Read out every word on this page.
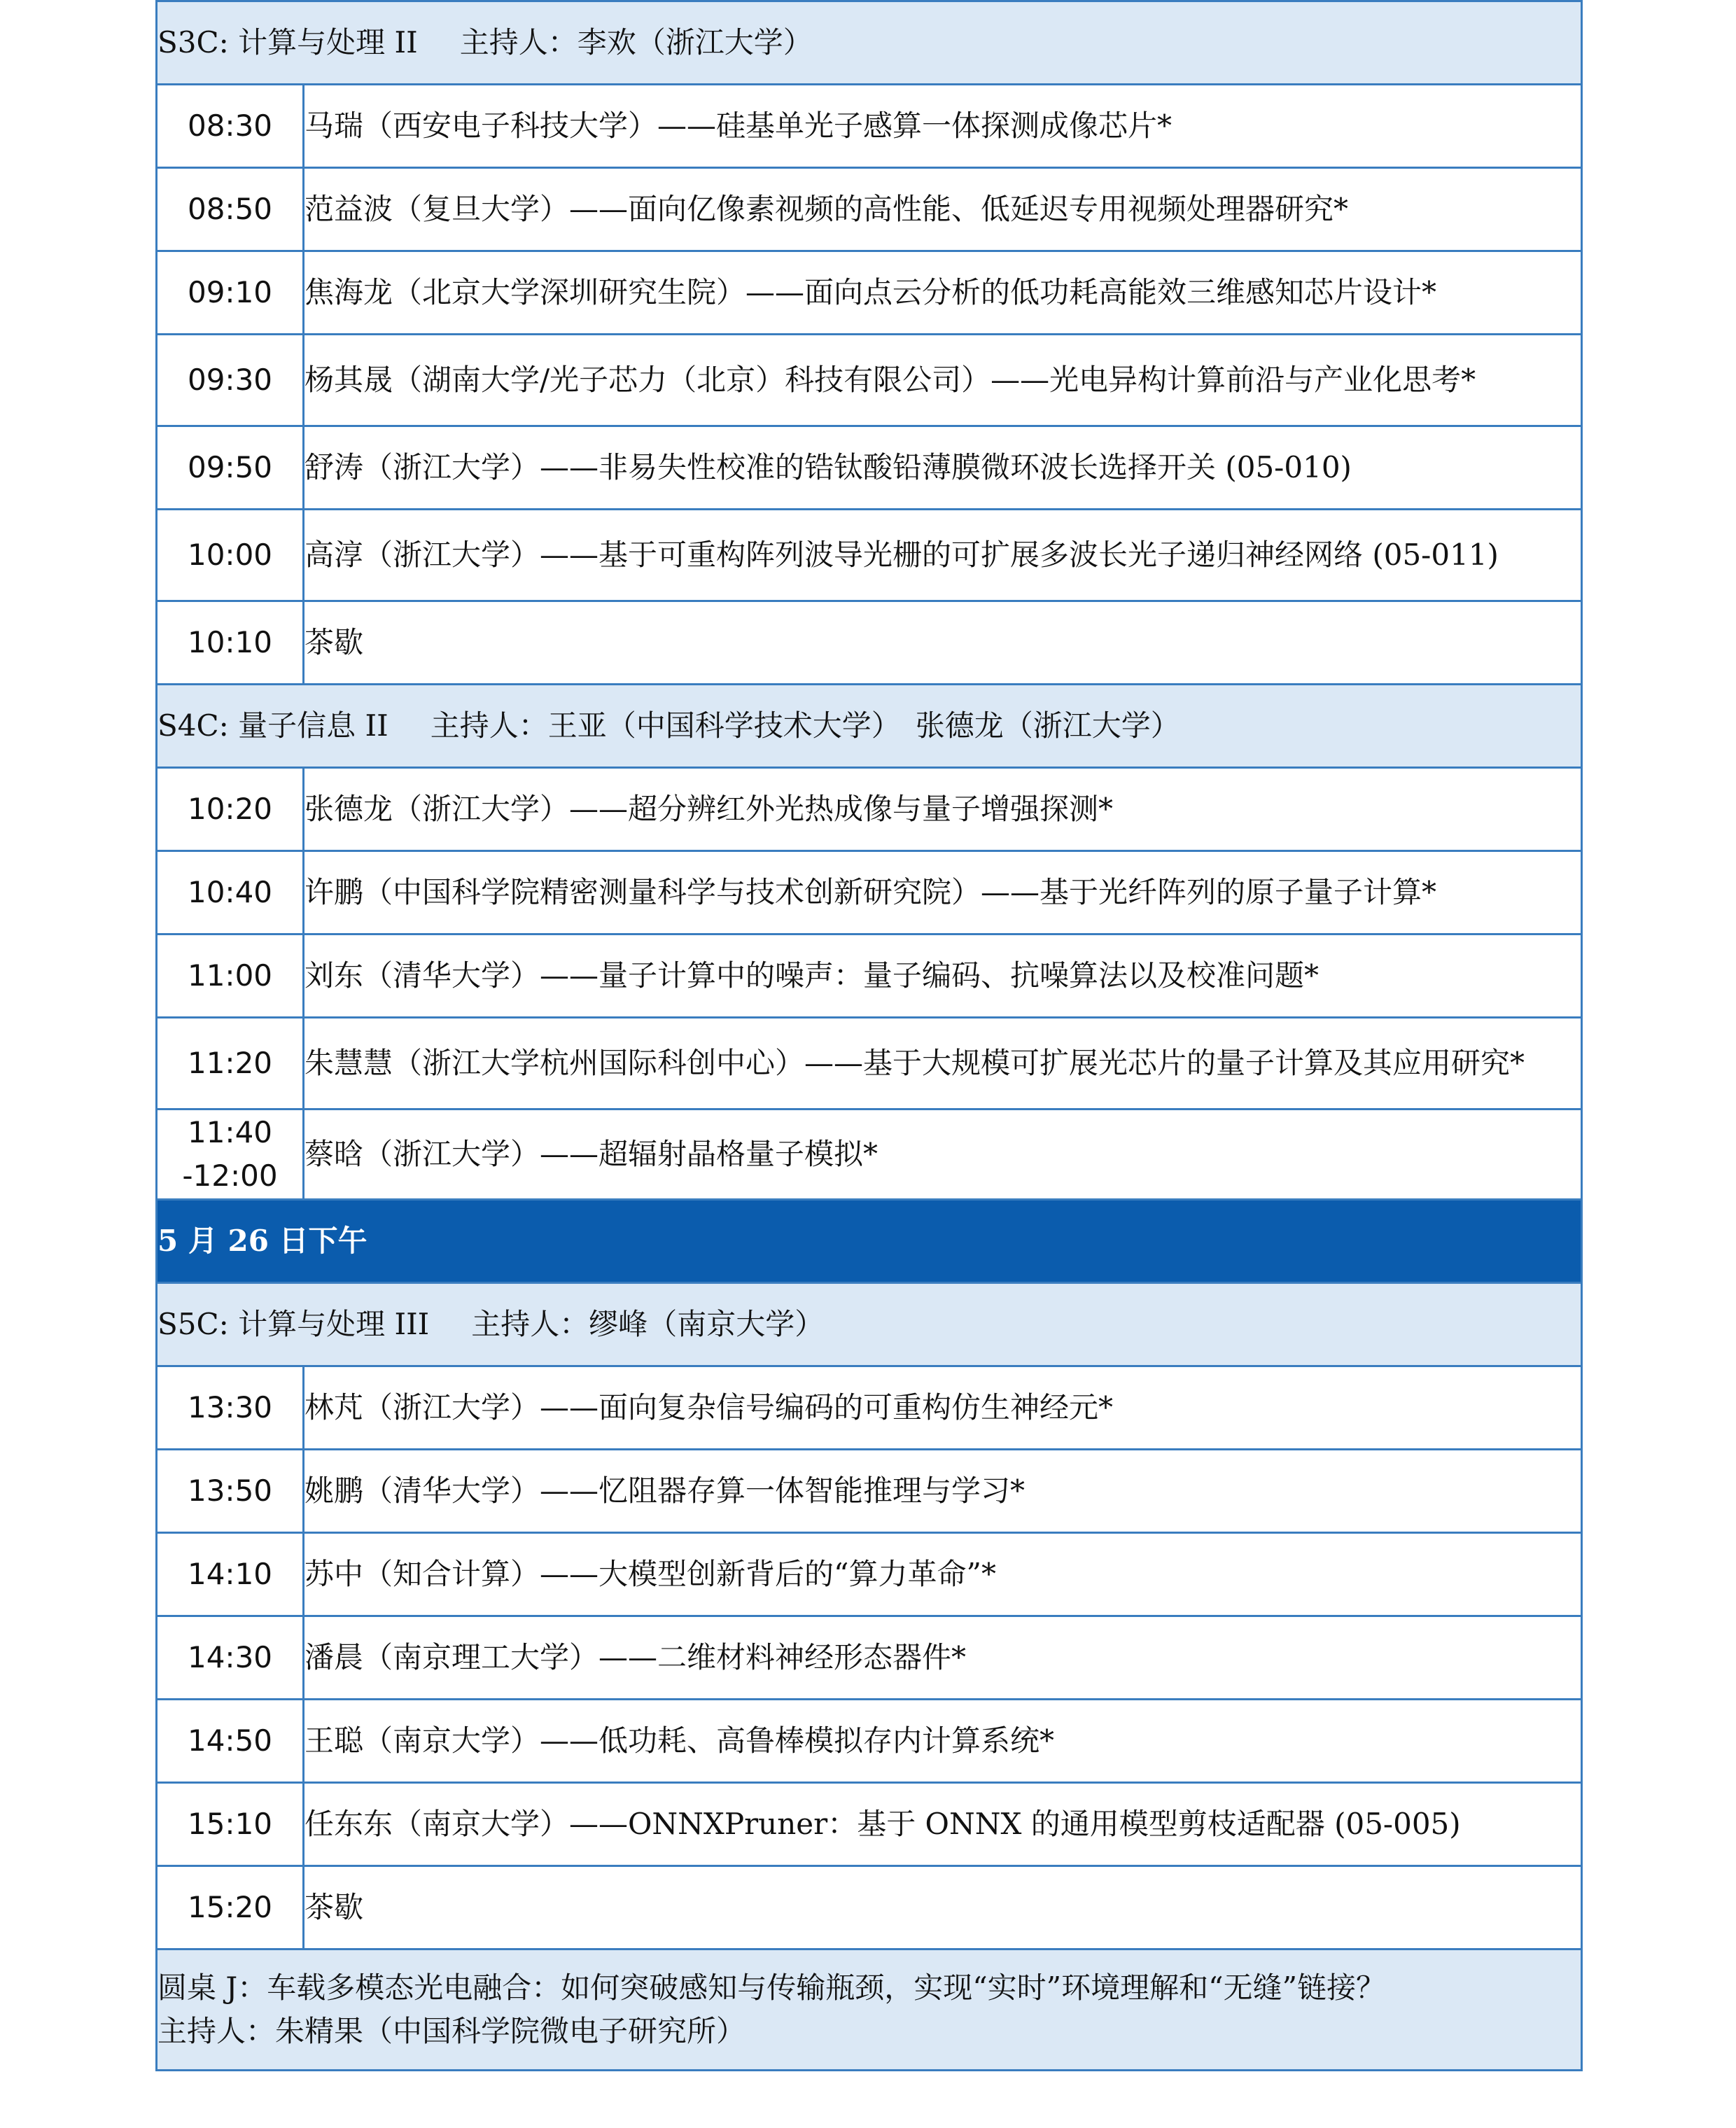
S3C: 计算与处理 II 主持人：李欢（浙江大学）	
08:30	马瑞（西安电子科技大学）——硅基单光子感算一体探测成像芯片*
08:50	范益波（复旦大学）——面向亿像素视频的高性能、低延迟专用视频处理器研究*
09:10	焦海龙（北京大学深圳研究生院）——面向点云分析的低功耗高能效三维感知芯片设计*
09:30	杨其晟（湖南大学/光子芯力（北京）科技有限公司）——光电异构计算前沿与产业化思考*
09:50	舒涛（浙江大学）——非易失性校准的锆钛酸铅薄膜微环波长选择开关 (05-010)
10:00	高淳（浙江大学）——基于可重构阵列波导光栅的可扩展多波长光子递归神经网络 (05-011)
10:10	茶歇
S4C: 量子信息 II 主持人：王亚（中国科学技术大学）　张德龙（浙江大学）	
10:20	张德龙（浙江大学）——超分辨红外光热成像与量子增强探测*
10:40	许鹏（中国科学院精密测量科学与技术创新研究院）——基于光纤阵列的原子量子计算*
11:00	刘东（清华大学）——量子计算中的噪声：量子编码、抗噪算法以及校准问题*
11:20	朱慧慧（浙江大学杭州国际科创中心）——基于大规模可扩展光芯片的量子计算及其应用研究*

11:40
-12:00	蔡晗（浙江大学）——超辐射晶格量子模拟*
5 月 26 日下午	
S5C: 计算与处理 III 主持人：缪峰（南京大学）	
13:30	林芃（浙江大学）——面向复杂信号编码的可重构仿生神经元*
13:50	姚鹏（清华大学）——忆阻器存算一体智能推理与学习*
14:10	苏中（知合计算）——大模型创新背后的“算力革命”*
14:30	潘晨（南京理工大学）——二维材料神经形态器件*
14:50	王聪（南京大学）——低功耗、高鲁棒模拟存内计算系统*
15:10	任东东（南京大学）——ONNXPruner：基于 ONNX 的通用模型剪枝适配器 (05-005)
15:20	茶歇

圆桌 J：车载多模态光电融合：如何突破感知与传输瓶颈，实现“实时”环境理解和“无缝”链接？
主持人：朱精果（中国科学院微电子研究所）	
